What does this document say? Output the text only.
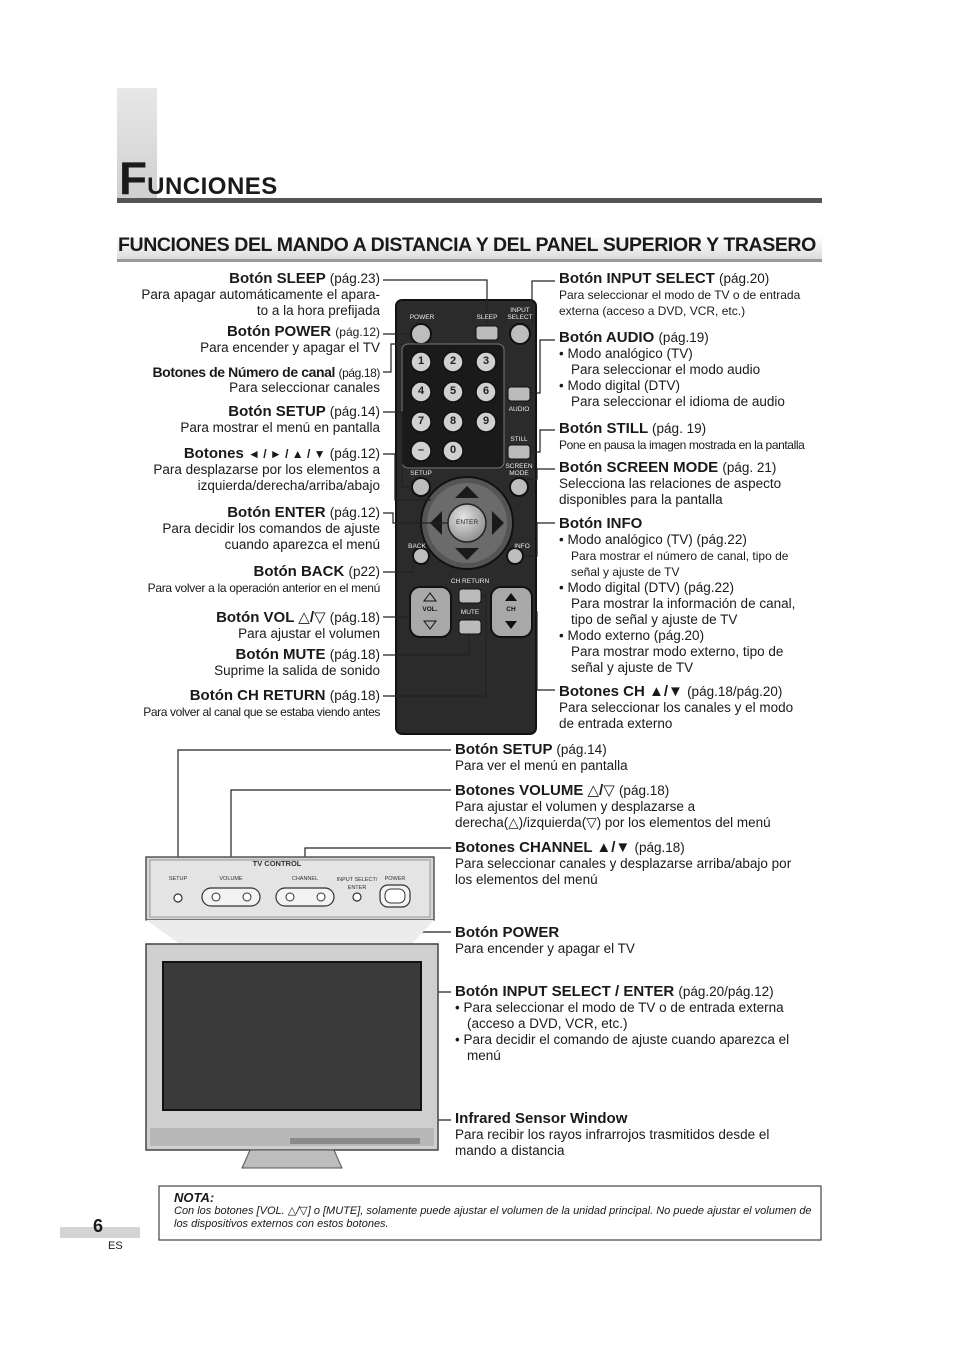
FUNCIONES
FUNCIONES DEL MANDO A DISTANCIA Y DEL PANEL SUPERIOR Y TRASERO
POWER	SLEEP
INPUT SELECT
1	2	3
4	5	6
7	8	9
–	0
AUDIO
STILL
SETUP
SCREEN MODE
ENTER
BACK	INFO
CH RETURN
MUTE
VOL.	CH
Botón SLEEP (pág.23)
Para apagar automáticamente el apara-
to a la hora prefijada
Botón POWER (pág.12)
Para encender y apagar el TV
Botones de Número de canal (pág.18)
Para seleccionar canales
Botón SETUP (pág.14)
Para mostrar el menú en pantalla
Botones ◄ / ► / ▲ / ▼ (pág.12)
Para desplazarse por los elementos a
izquierda/derecha/arriba/abajo
Botón ENTER (pág.12)
Para decidir los comandos de ajuste
cuando aparezca el menú
Botón BACK (p22)
Para volver a la operación anterior en el menú
Botón VOL △/▽ (pág.18)
Para ajustar el volumen
Botón MUTE (pág.18)
Suprime la salida de sonido
Botón CH RETURN (pág.18)
Para volver al canal que se estaba viendo antes
Botón INPUT SELECT (pág.20)
Para seleccionar el modo de TV o de entrada
externa (acceso a DVD, VCR, etc.)
Botón AUDIO (pág.19)
• Modo analógico (TV)
Para seleccionar el modo audio
• Modo digital (DTV)
Para seleccionar el idioma de audio
Botón STILL (pág. 19)
Pone en pausa la imagen mostrada en la pantalla
Botón SCREEN MODE (pág. 21)
Selecciona las relaciones de aspecto
disponibles para la pantalla
Botón INFO
• Modo analógico (TV) (pág.22)
Para mostrar el número de canal, tipo de
señal y ajuste de TV
• Modo digital (DTV) (pág.22)
Para mostrar la información de canal,
tipo de señal y ajuste de TV
• Modo externo (pág.20)
Para mostrar modo externo, tipo de
señal y ajuste de TV
Botones CH ▲/▼ (pág.18/pág.20)
Para seleccionar los canales y el modo
de entrada externo
TV CONTROL
SETUP	VOLUME	CHANNEL	INPUT SELECT/ ENTER
POWER
Botón SETUP (pág.14)
Para ver el menú en pantalla
Botones VOLUME △/▽ (pág.18)
Para ajustar el volumen y desplazarse a
derecha(△)/izquierda(▽) por los elementos del menú
Botones CHANNEL ▲/▼ (pág.18)
Para seleccionar canales y desplazarse arriba/abajo por
los elementos del menú
Botón POWER
Para encender y apagar el TV
Botón INPUT SELECT / ENTER (pág.20/pág.12)
• Para seleccionar el modo de TV o de entrada externa
(acceso a DVD, VCR, etc.)
• Para decidir el comando de ajuste cuando aparezca el
menú
Infrared Sensor Window
Para recibir los rayos infrarrojos trasmitidos desde el
mando a distancia
NOTA:
Con los botones [VOL. △/▽] o [MUTE], solamente puede ajustar el volumen de la unidad principal. No puede ajustar el volumen de los dispositivos externos con estos botones.
6
ES
